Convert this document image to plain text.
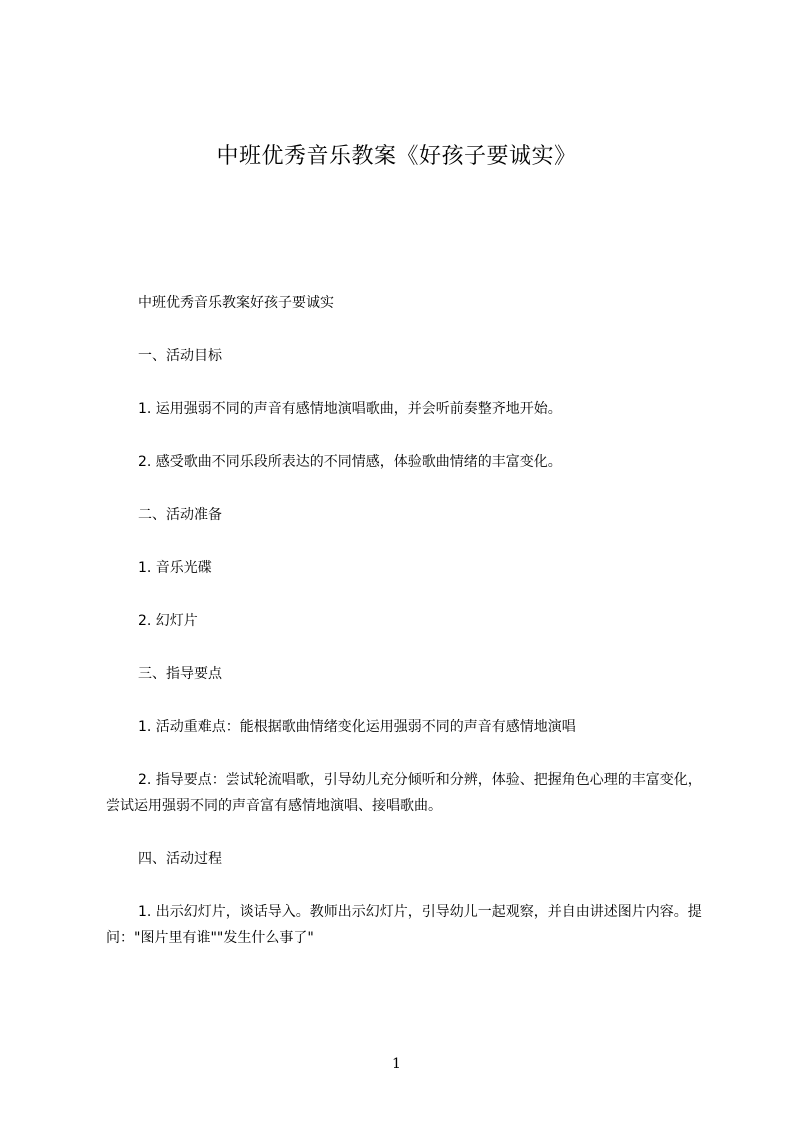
中班优秀音乐教案《好孩子要诚实》

中班优秀音乐教案好孩子要诚实

一、活动目标

1. 运用强弱不同的声音有感情地演唱歌曲，并会听前奏整齐地开始。

2. 感受歌曲不同乐段所表达的不同情感，体验歌曲情绪的丰富变化。

二、活动准备

1. 音乐光碟

2. 幻灯片

三、指导要点

1. 活动重难点：能根据歌曲情绪变化运用强弱不同的声音有感情地演唱

2. 指导要点：尝试轮流唱歌，引导幼儿充分倾听和分辨，体验、把握角色心理的丰富变化，尝试运用强弱不同的声音富有感情地演唱、接唱歌曲。

四、活动过程

1. 出示幻灯片，谈话导入。教师出示幻灯片，引导幼儿一起观察，并自由讲述图片内容。提问："图片里有谁""发生什么事了"

1
